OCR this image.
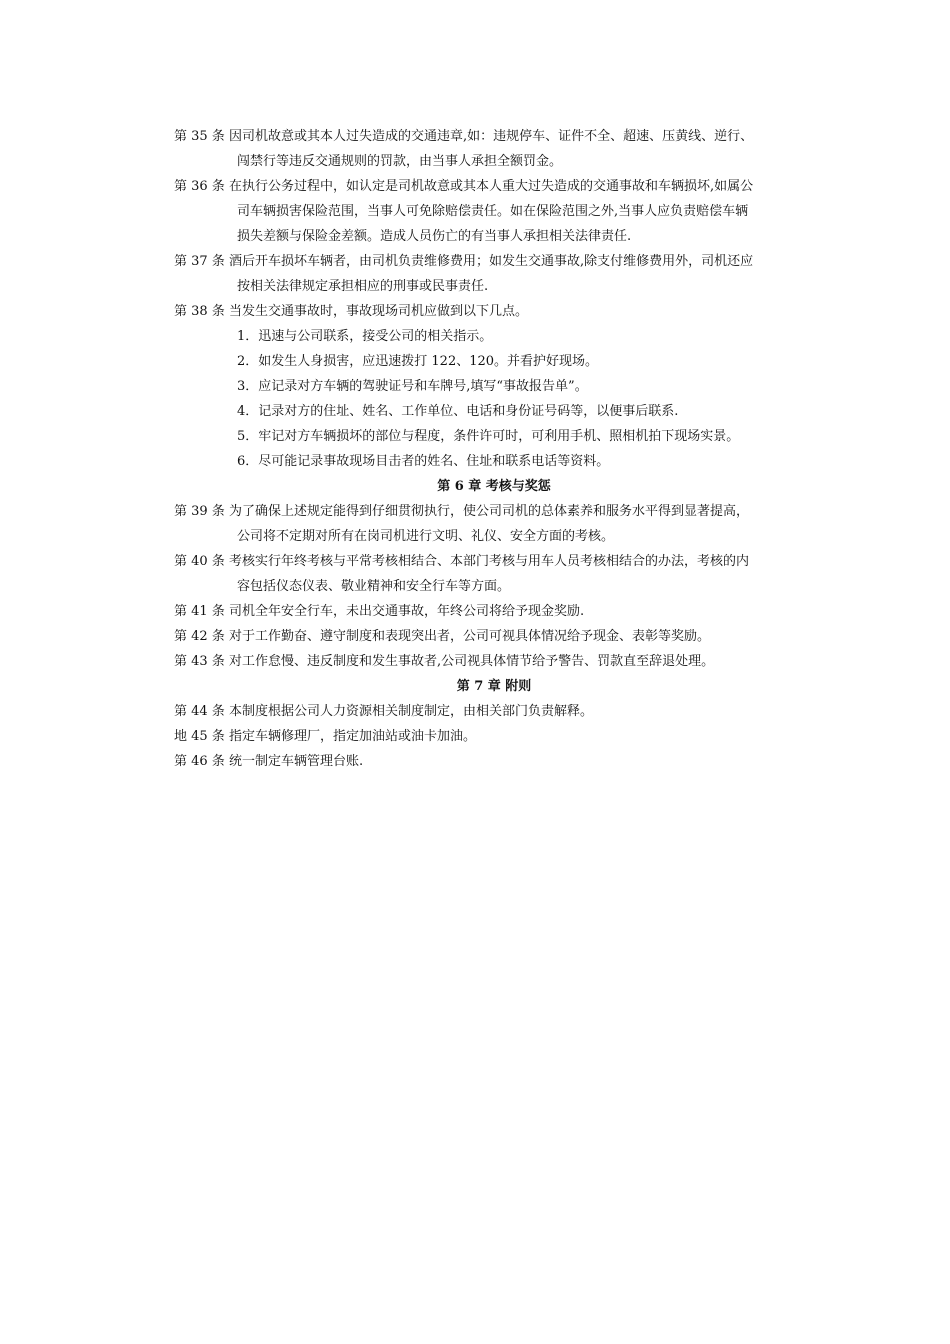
第 35 条 因司机故意或其本人过失造成的交通违章,如：违规停车、证件不全、超速、压黄线、逆行、
闯禁行等违反交通规则的罚款，由当事人承担全额罚金。
第 36 条 在执行公务过程中，如认定是司机故意或其本人重大过失造成的交通事故和车辆损坏,如属公
司车辆损害保险范围，当事人可免除赔偿责任。如在保险范围之外,当事人应负责赔偿车辆
损失差额与保险金差额。造成人员伤亡的有当事人承担相关法律责任.
第 37 条 酒后开车损坏车辆者，由司机负责维修费用；如发生交通事故,除支付维修费用外，司机还应
按相关法律规定承担相应的刑事或民事责任.
第 38 条 当发生交通事故时，事故现场司机应做到以下几点。
1．迅速与公司联系，接受公司的相关指示。
2．如发生人身损害，应迅速拨打 122、120。并看护好现场。
3．应记录对方车辆的驾驶证号和车牌号,填写“事故报告单”。
4．记录对方的住址、姓名、工作单位、电话和身份证号码等，以便事后联系.
5．牢记对方车辆损坏的部位与程度，条件许可时，可利用手机、照相机拍下现场实景。
6．尽可能记录事故现场目击者的姓名、住址和联系电话等资料。
第 6 章 考核与奖惩
第 39 条 为了确保上述规定能得到仔细贯彻执行，使公司司机的总体素养和服务水平得到显著提高，
公司将不定期对所有在岗司机进行文明、礼仪、安全方面的考核。
第 40 条 考核实行年终考核与平常考核相结合、本部门考核与用车人员考核相结合的办法，考核的内
容包括仪态仪表、敬业精神和安全行车等方面。
第 41 条 司机全年安全行车，未出交通事故，年终公司将给予现金奖励.
第 42 条 对于工作勤奋、遵守制度和表现突出者，公司可视具体情况给予现金、表彰等奖励。
第 43 条 对工作怠慢、违反制度和发生事故者,公司视具体情节给予警告、罚款直至辞退处理。
第 7 章 附则
第 44 条 本制度根据公司人力资源相关制度制定，由相关部门负责解释。
地 45 条 指定车辆修理厂，指定加油站或油卡加油。
第 46 条 统一制定车辆管理台账.
